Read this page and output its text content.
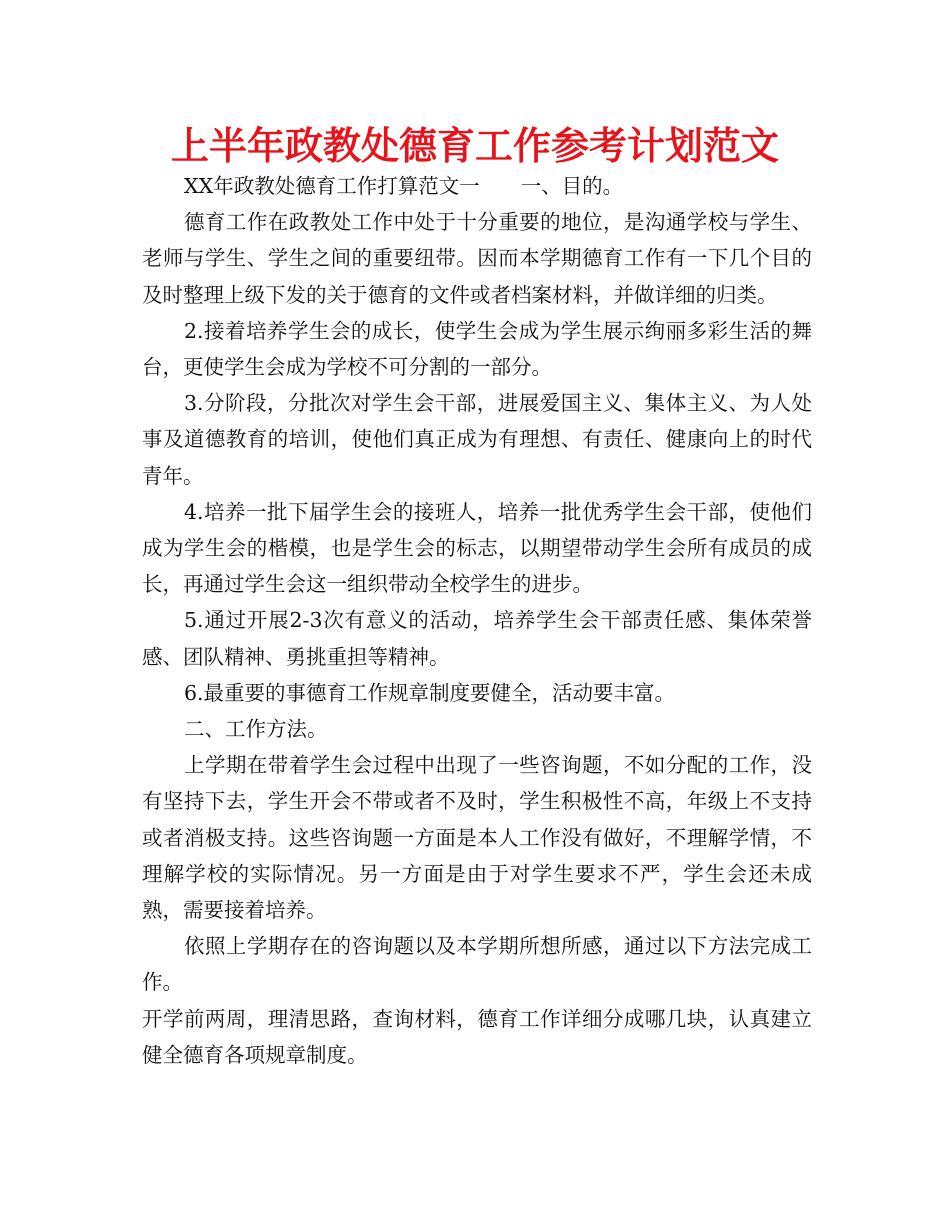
上半年政教处德育工作参考计划范文

XX年政教处德育工作打算范文一　　一、目的。

德育工作在政教处工作中处于十分重要的地位，是沟通学校与学生、老师与学生、学生之间的重要纽带。因而本学期德育工作有一下几个目的及时整理上级下发的关于德育的文件或者档案材料，并做详细的归类。

2.接着培养学生会的成长，使学生会成为学生展示绚丽多彩生活的舞台，更使学生会成为学校不可分割的一部分。

3.分阶段，分批次对学生会干部，进展爱国主义、集体主义、为人处事及道德教育的培训，使他们真正成为有理想、有责任、健康向上的时代青年。

4.培养一批下届学生会的接班人，培养一批优秀学生会干部，使他们成为学生会的楷模，也是学生会的标志，以期望带动学生会所有成员的成长，再通过学生会这一组织带动全校学生的进步。

5.通过开展2-3次有意义的活动，培养学生会干部责任感、集体荣誉感、团队精神、勇挑重担等精神。

6.最重要的事德育工作规章制度要健全，活动要丰富。

二、工作方法。

上学期在带着学生会过程中出现了一些咨询题，不如分配的工作，没有坚持下去，学生开会不带或者不及时，学生积极性不高，年级上不支持或者消极支持。这些咨询题一方面是本人工作没有做好，不理解学情，不理解学校的实际情况。另一方面是由于对学生要求不严，学生会还未成熟，需要接着培养。

依照上学期存在的咨询题以及本学期所想所感，通过以下方法完成工作。

开学前两周，理清思路，查询材料，德育工作详细分成哪几块，认真建立健全德育各项规章制度。
